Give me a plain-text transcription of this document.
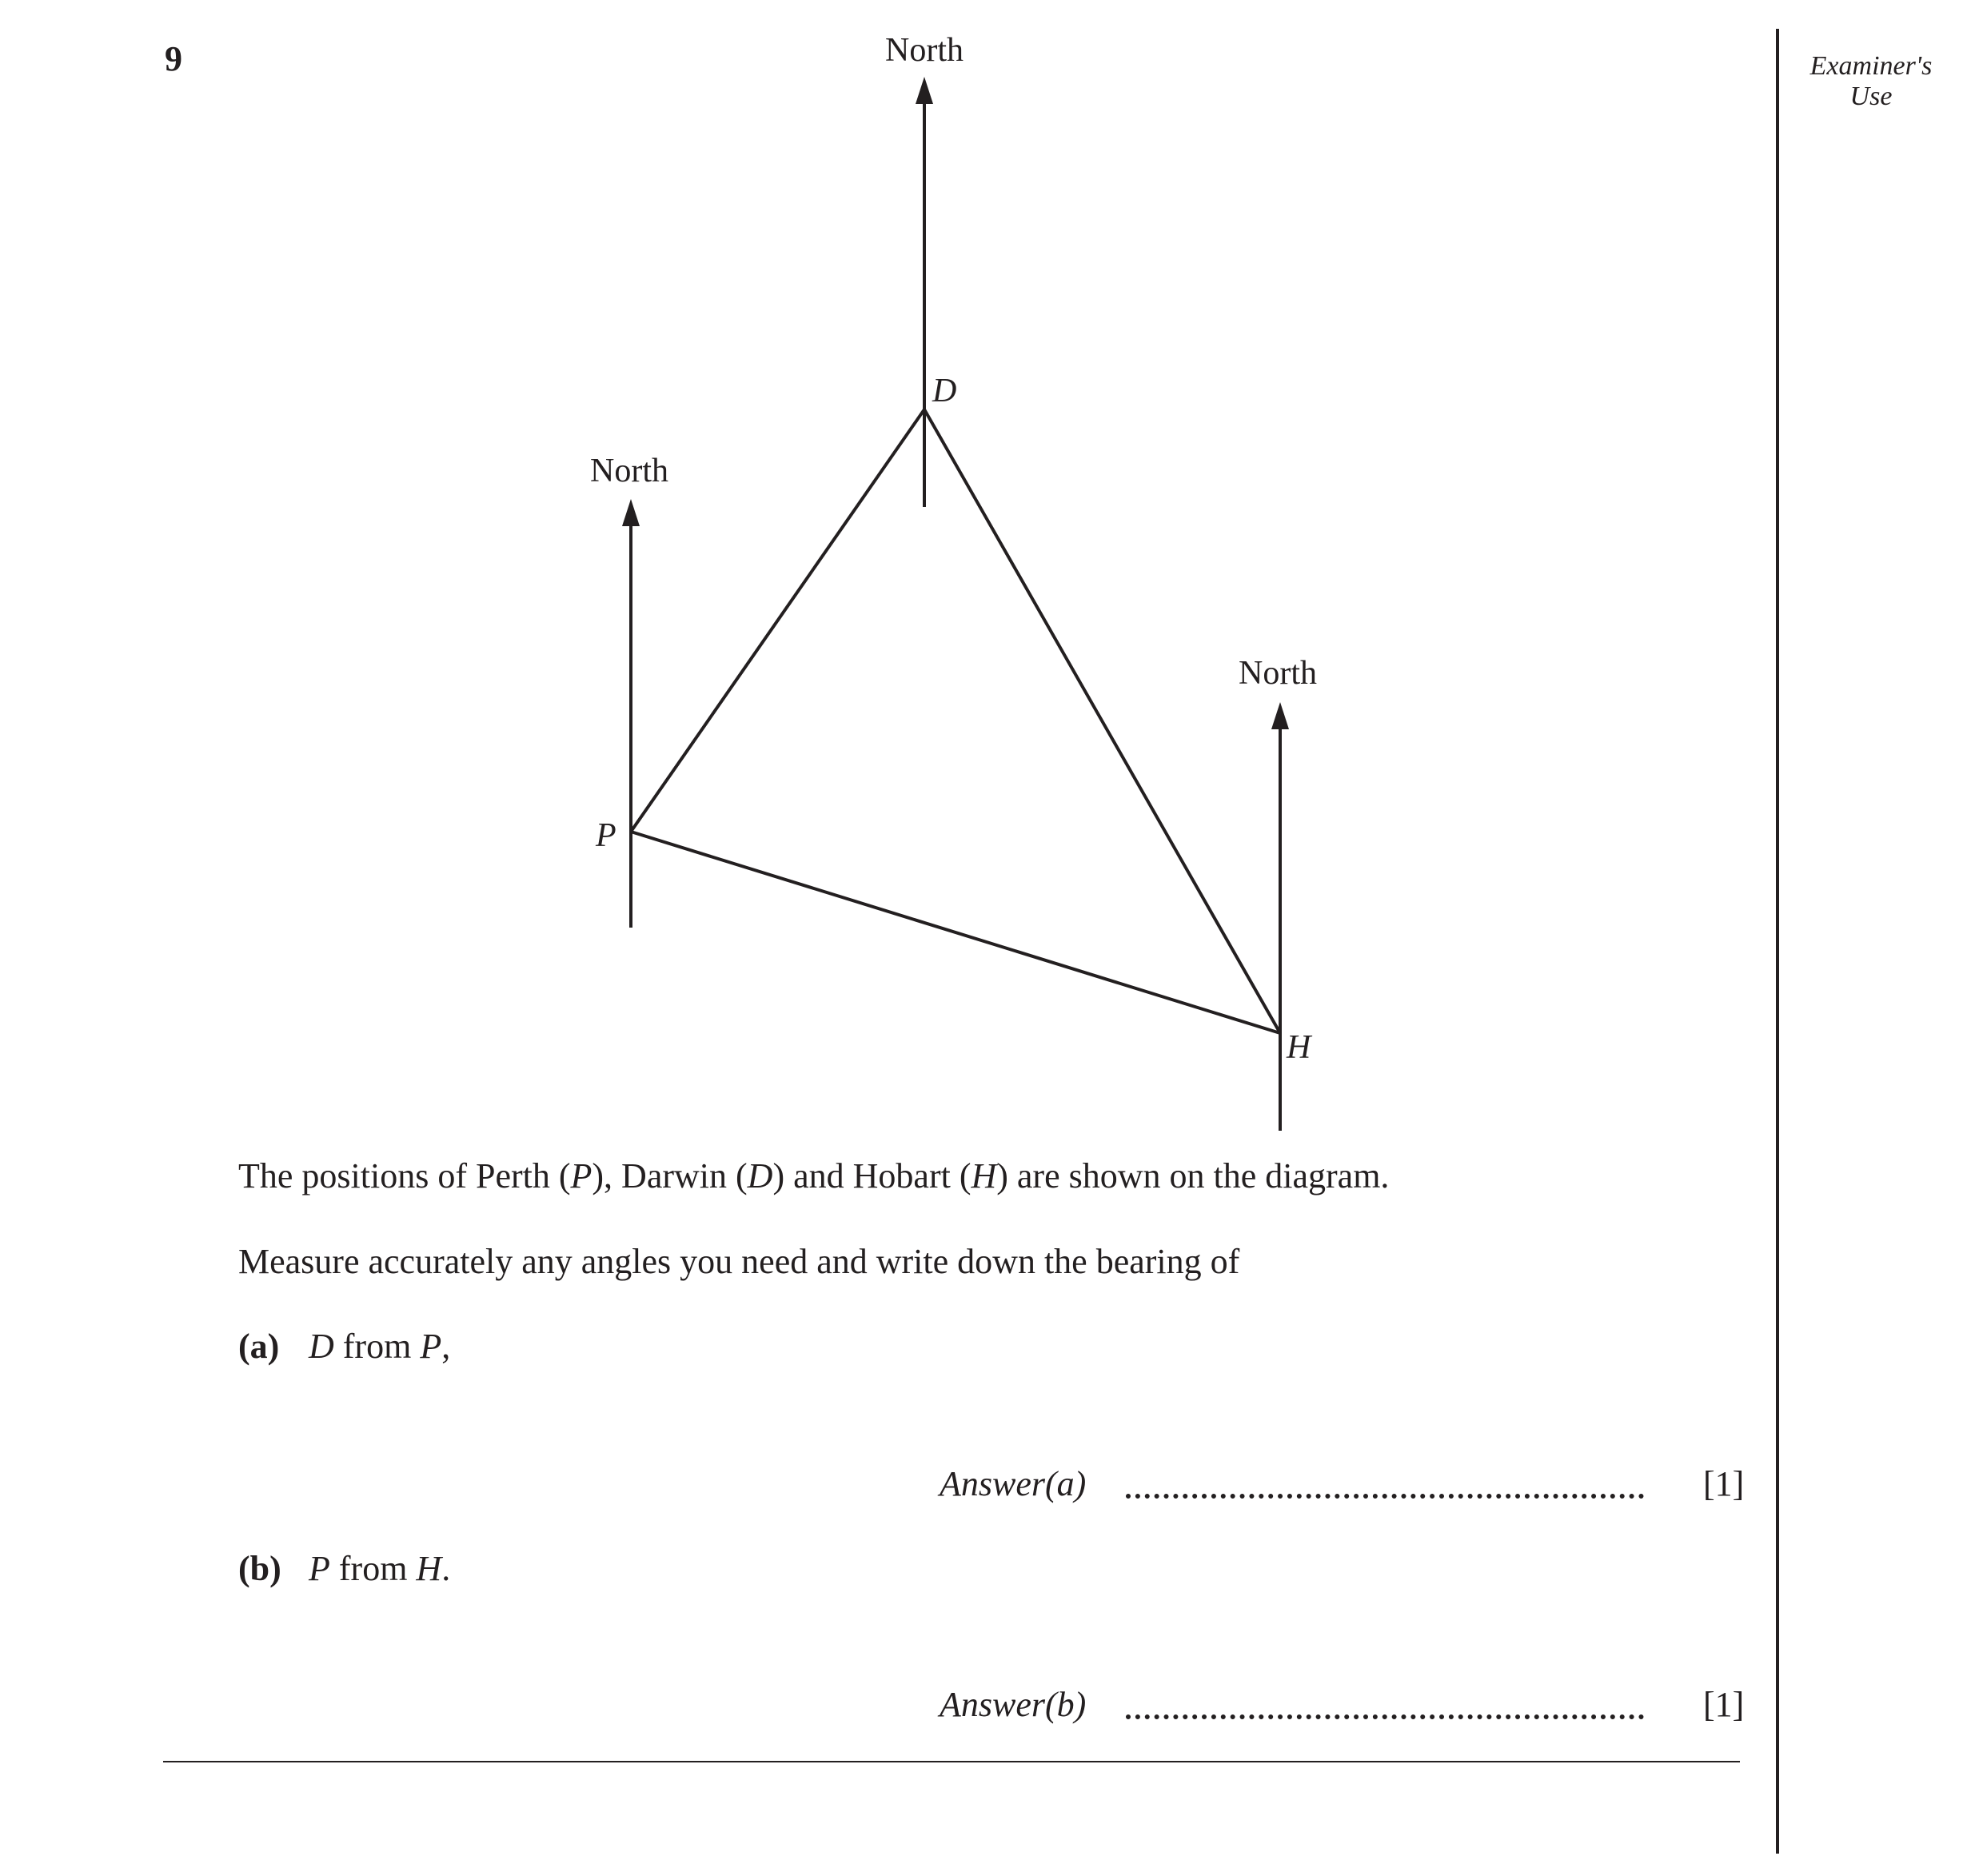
9	Examiner's
Use
North
North
North
D
P
H
The positions of Perth (P), Darwin (D) and Hobart (H) are shown on the diagram.
Measure accurately any angles you need and write down the bearing of
(a) D from P,
Answer(a)	[1]
(b) P from H.
Answer(b)	[1]
